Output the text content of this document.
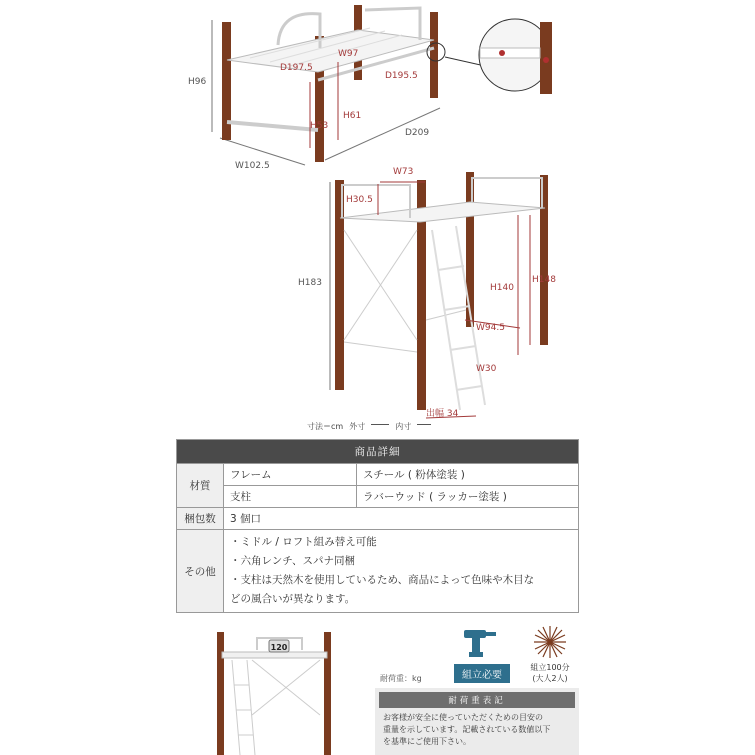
H96
W102.5
D209
H53
H61
W97
D197.5
D195.5
H183
W73
H30.5
H140
H148
W94.5
W30
出幅 34
寸法＝cm 外寸	内寸
商品詳細		
材質	フレーム	スチール ( 粉体塗装 )
	支柱	ラバーウッド ( ラッカー塗装 )
梱包数	3 個口	
その他	・ミドル / ロフト組み替え可能
・六角レンチ、スパナ同梱
・支柱は天然木を使用しているため、商品によって色味や木目な
どの風合いが異なります。	
120
組立必要
組立100分
(大人2人)
耐荷重：kg
耐荷重表記
お客様が安全に使っていただくための目安の
重量を示しています。記載されている数値以下
を基準にご使用下さい。
